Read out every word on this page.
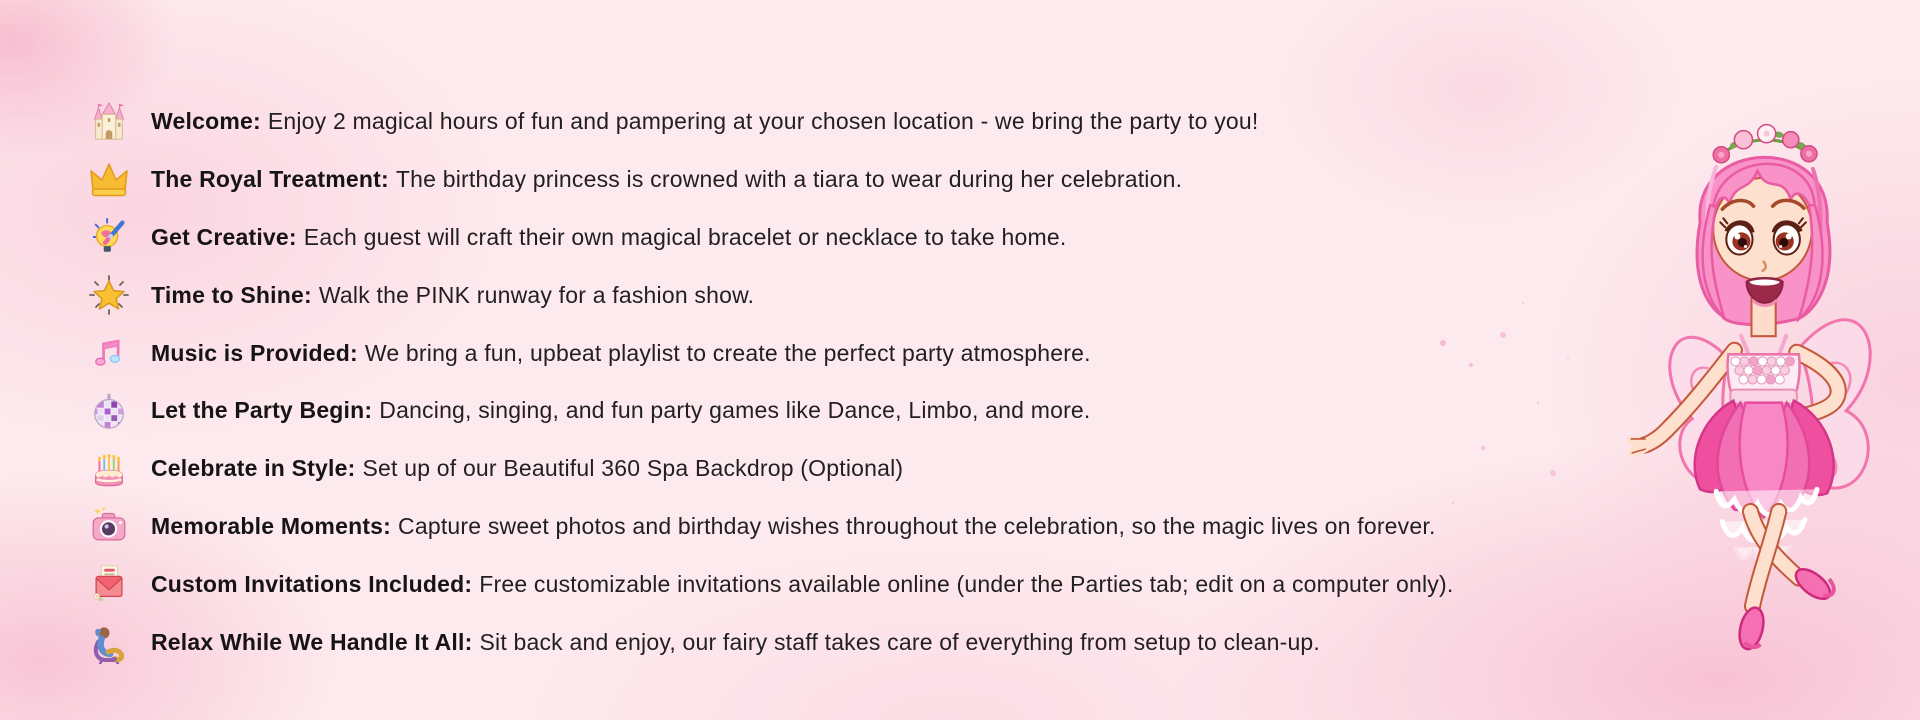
Welcome: Enjoy 2 magical hours of fun and pampering at your chosen location - we bring the party to you!

The Royal Treatment: The birthday princess is crowned with a tiara to wear during her celebration.

Get Creative: Each guest will craft their own magical bracelet or necklace to take home.

Time to Shine: Walk the PINK runway for a fashion show.

Music is Provided: We bring a fun, upbeat playlist to create the perfect party atmosphere.

Let the Party Begin: Dancing, singing, and fun party games like Dance, Limbo, and more.

Celebrate in Style: Set up of our Beautiful 360 Spa Backdrop (Optional)

Memorable Moments: Capture sweet photos and birthday wishes throughout the celebration, so the magic lives on forever.

Custom Invitations Included: Free customizable invitations available online (under the Parties tab; edit on a computer only).

Relax While We Handle It All: Sit back and enjoy, our fairy staff takes care of everything from setup to clean-up.
